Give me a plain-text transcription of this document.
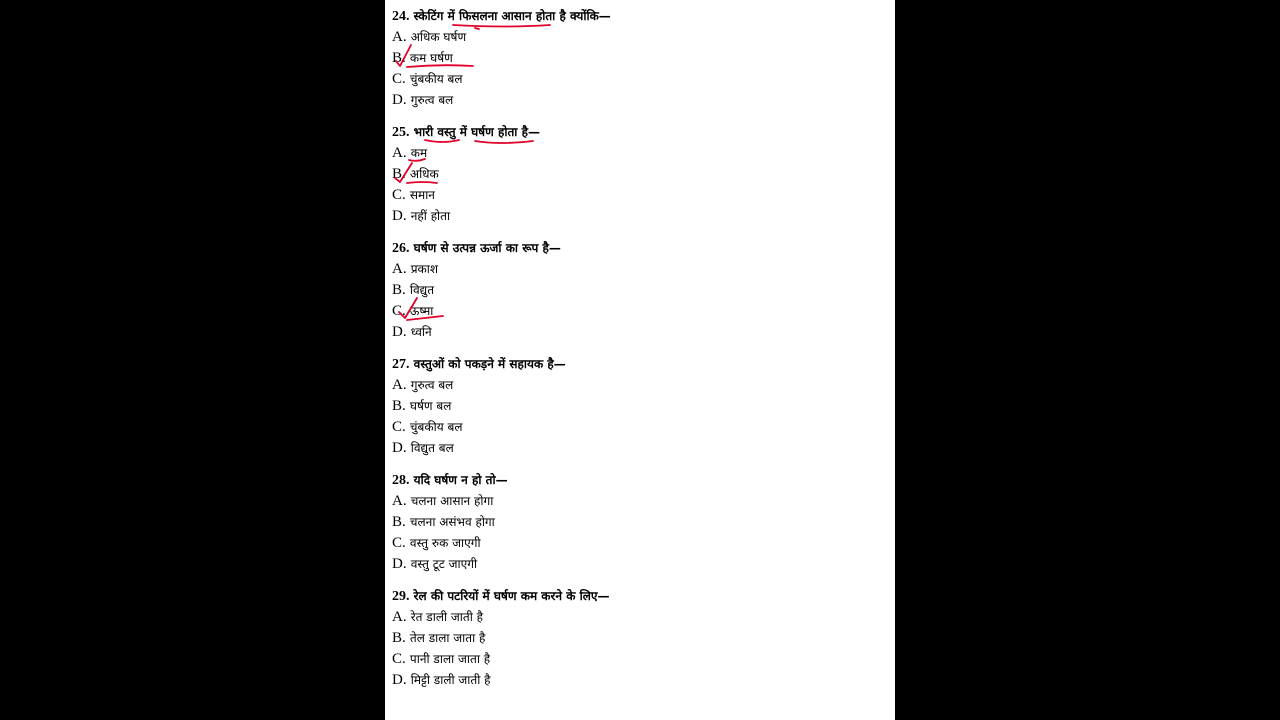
24. स्केटिंग में फिसलना आसान होता है क्योंकि—
A. अधिक घर्षण
B. कम घर्षण
C. चुंबकीय बल
D. गुरुत्व बल
25. भारी वस्तु में घर्षण होता है—
A. कम
B. अधिक
C. समान
D. नहीं होता
26. घर्षण से उत्पन्न ऊर्जा का रूप है—
A. प्रकाश
B. विद्युत
C. ऊष्मा
D. ध्वनि
27. वस्तुओं को पकड़ने में सहायक है—
A. गुरुत्व बल
B. घर्षण बल
C. चुंबकीय बल
D. विद्युत बल
28. यदि घर्षण न हो तो—
A. चलना आसान होगा
B. चलना असंभव होगा
C. वस्तु रुक जाएगी
D. वस्तु टूट जाएगी
29. रेल की पटरियों में घर्षण कम करने के लिए—
A. रेत डाली जाती है
B. तेल डाला जाता है
C. पानी डाला जाता है
D. मिट्टी डाली जाती है
